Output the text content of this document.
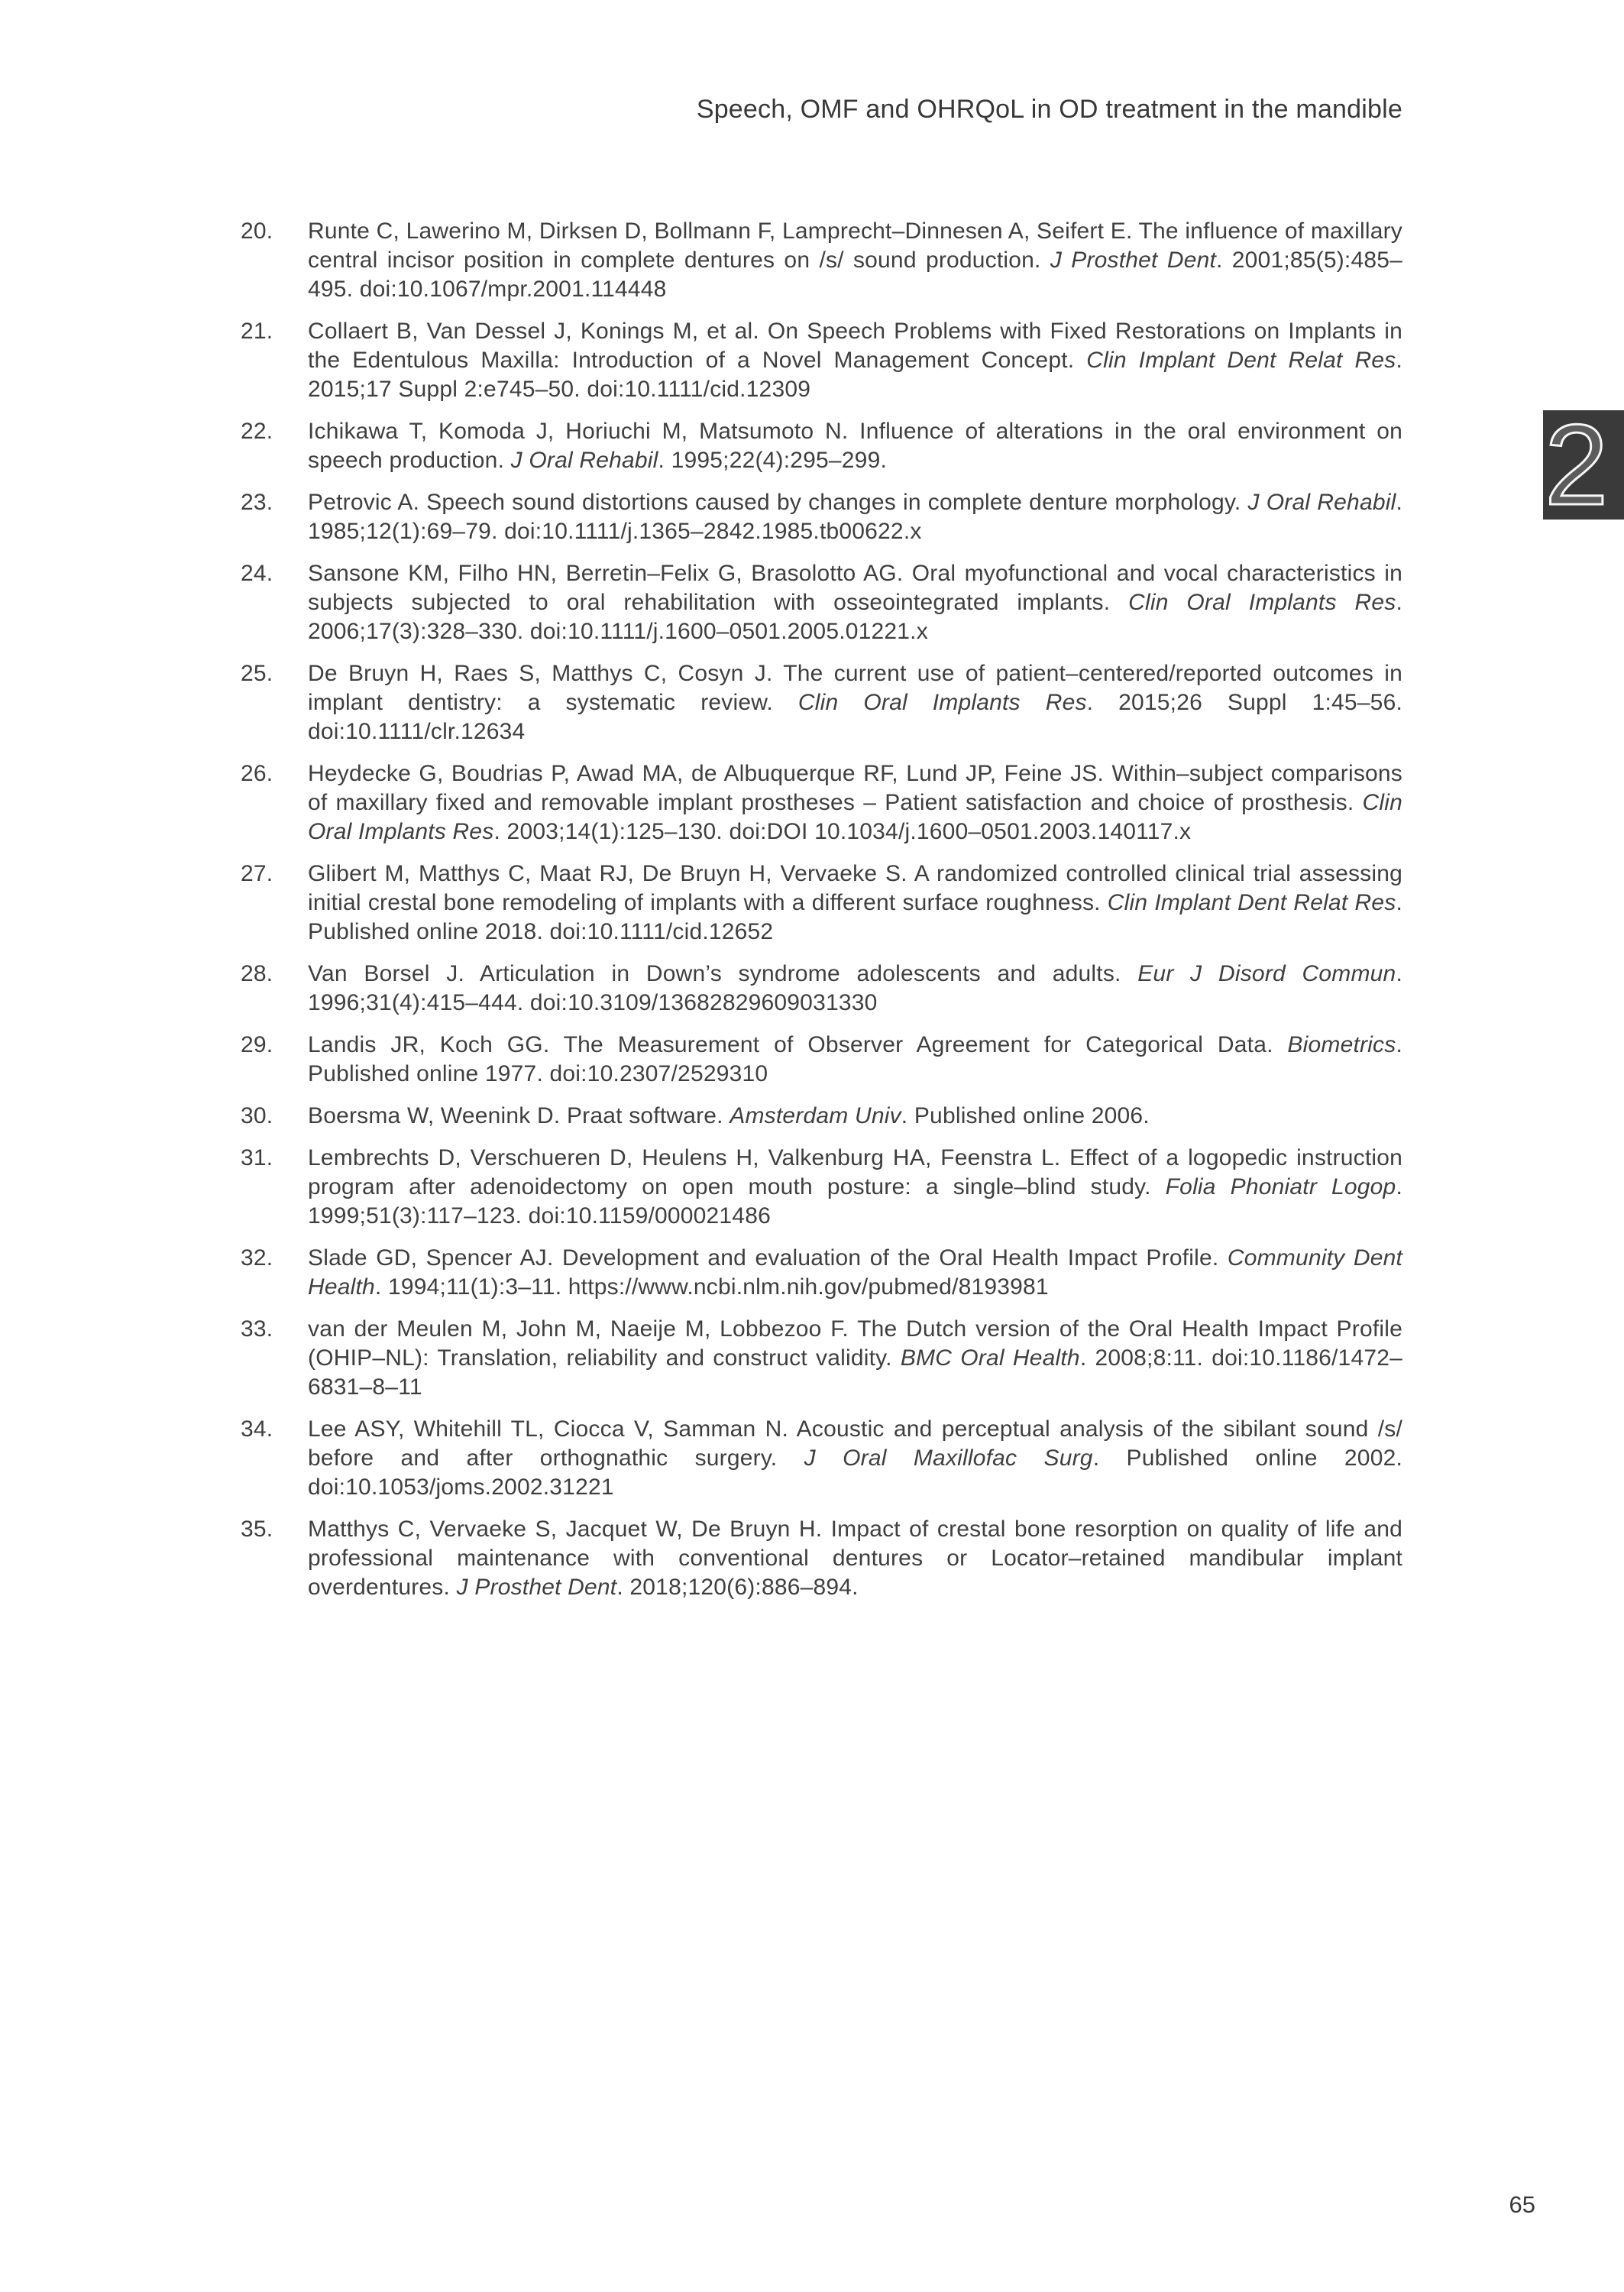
Speech, OMF and OHRQoL in OD treatment in the mandible
2
20.	Runte C, Lawerino M, Dirksen D, Bollmann F, Lamprecht–Dinnesen A, Seifert E. The influence of maxillary central incisor position in complete dentures on /s/ sound production. J Prosthet Dent. 2001;85(5):485–495. doi:10.1067/mpr.2001.114448
21.	Collaert B, Van Dessel J, Konings M, et al. On Speech Problems with Fixed Restorations on Implants in the Edentulous Maxilla: Introduction of a Novel Management Concept. Clin Implant Dent Relat Res. 2015;17 Suppl 2:e745–50. doi:10.1111/cid.12309
22.	Ichikawa T, Komoda J, Horiuchi M, Matsumoto N. Influence of alterations in the oral environment on speech production. J Oral Rehabil. 1995;22(4):295–299.
23.	Petrovic A. Speech sound distortions caused by changes in complete denture morphology. J Oral Rehabil. 1985;12(1):69–79. doi:10.1111/j.1365–2842.1985.tb00622.x
24.	Sansone KM, Filho HN, Berretin–Felix G, Brasolotto AG. Oral myofunctional and vocal characteristics in subjects subjected to oral rehabilitation with osseointegrated implants. Clin Oral Implants Res. 2006;17(3):328–330. doi:10.1111/j.1600–0501.2005.01221.x
25.	De Bruyn H, Raes S, Matthys C, Cosyn J. The current use of patient–centered/reported outcomes in implant dentistry: a systematic review. Clin Oral Implants Res. 2015;26 Suppl 1:45–56. doi:10.1111/clr.12634
26.	Heydecke G, Boudrias P, Awad MA, de Albuquerque RF, Lund JP, Feine JS. Within–subject comparisons of maxillary fixed and removable implant prostheses – Patient satisfaction and choice of prosthesis. Clin Oral Implants Res. 2003;14(1):125–130. doi:DOI 10.1034/j.1600–0501.2003.140117.x
27.	Glibert M, Matthys C, Maat RJ, De Bruyn H, Vervaeke S. A randomized controlled clinical trial assessing initial crestal bone remodeling of implants with a different surface roughness. Clin Implant Dent Relat Res. Published online 2018. doi:10.1111/cid.12652
28.	Van Borsel J. Articulation in Down’s syndrome adolescents and adults. Eur J Disord Commun. 1996;31(4):415–444. doi:10.3109/13682829609031330
29.	Landis JR, Koch GG. The Measurement of Observer Agreement for Categorical Data. Biometrics. Published online 1977. doi:10.2307/2529310
30.	Boersma W, Weenink D. Praat software. Amsterdam Univ. Published online 2006.
31.	Lembrechts D, Verschueren D, Heulens H, Valkenburg HA, Feenstra L. Effect of a logopedic instruction program after adenoidectomy on open mouth posture: a single–blind study. Folia Phoniatr Logop. 1999;51(3):117–123. doi:10.1159/000021486
32.	Slade GD, Spencer AJ. Development and evaluation of the Oral Health Impact Profile. Community Dent Health. 1994;11(1):3–11. https://www.ncbi.nlm.nih.gov/pubmed/8193981
33.	van der Meulen M, John M, Naeije M, Lobbezoo F. The Dutch version of the Oral Health Impact Profile (OHIP–NL): Translation, reliability and construct validity. BMC Oral Health. 2008;8:11. doi:10.1186/1472–6831–8–11
34.	Lee ASY, Whitehill TL, Ciocca V, Samman N. Acoustic and perceptual analysis of the sibilant sound /s/ before and after orthognathic surgery. J Oral Maxillofac Surg. Published online 2002. doi:10.1053/joms.2002.31221
35.	Matthys C, Vervaeke S, Jacquet W, De Bruyn H. Impact of crestal bone resorption on quality of life and professional maintenance with conventional dentures or Locator–retained mandibular implant overdentures. J Prosthet Dent. 2018;120(6):886–894.
65
